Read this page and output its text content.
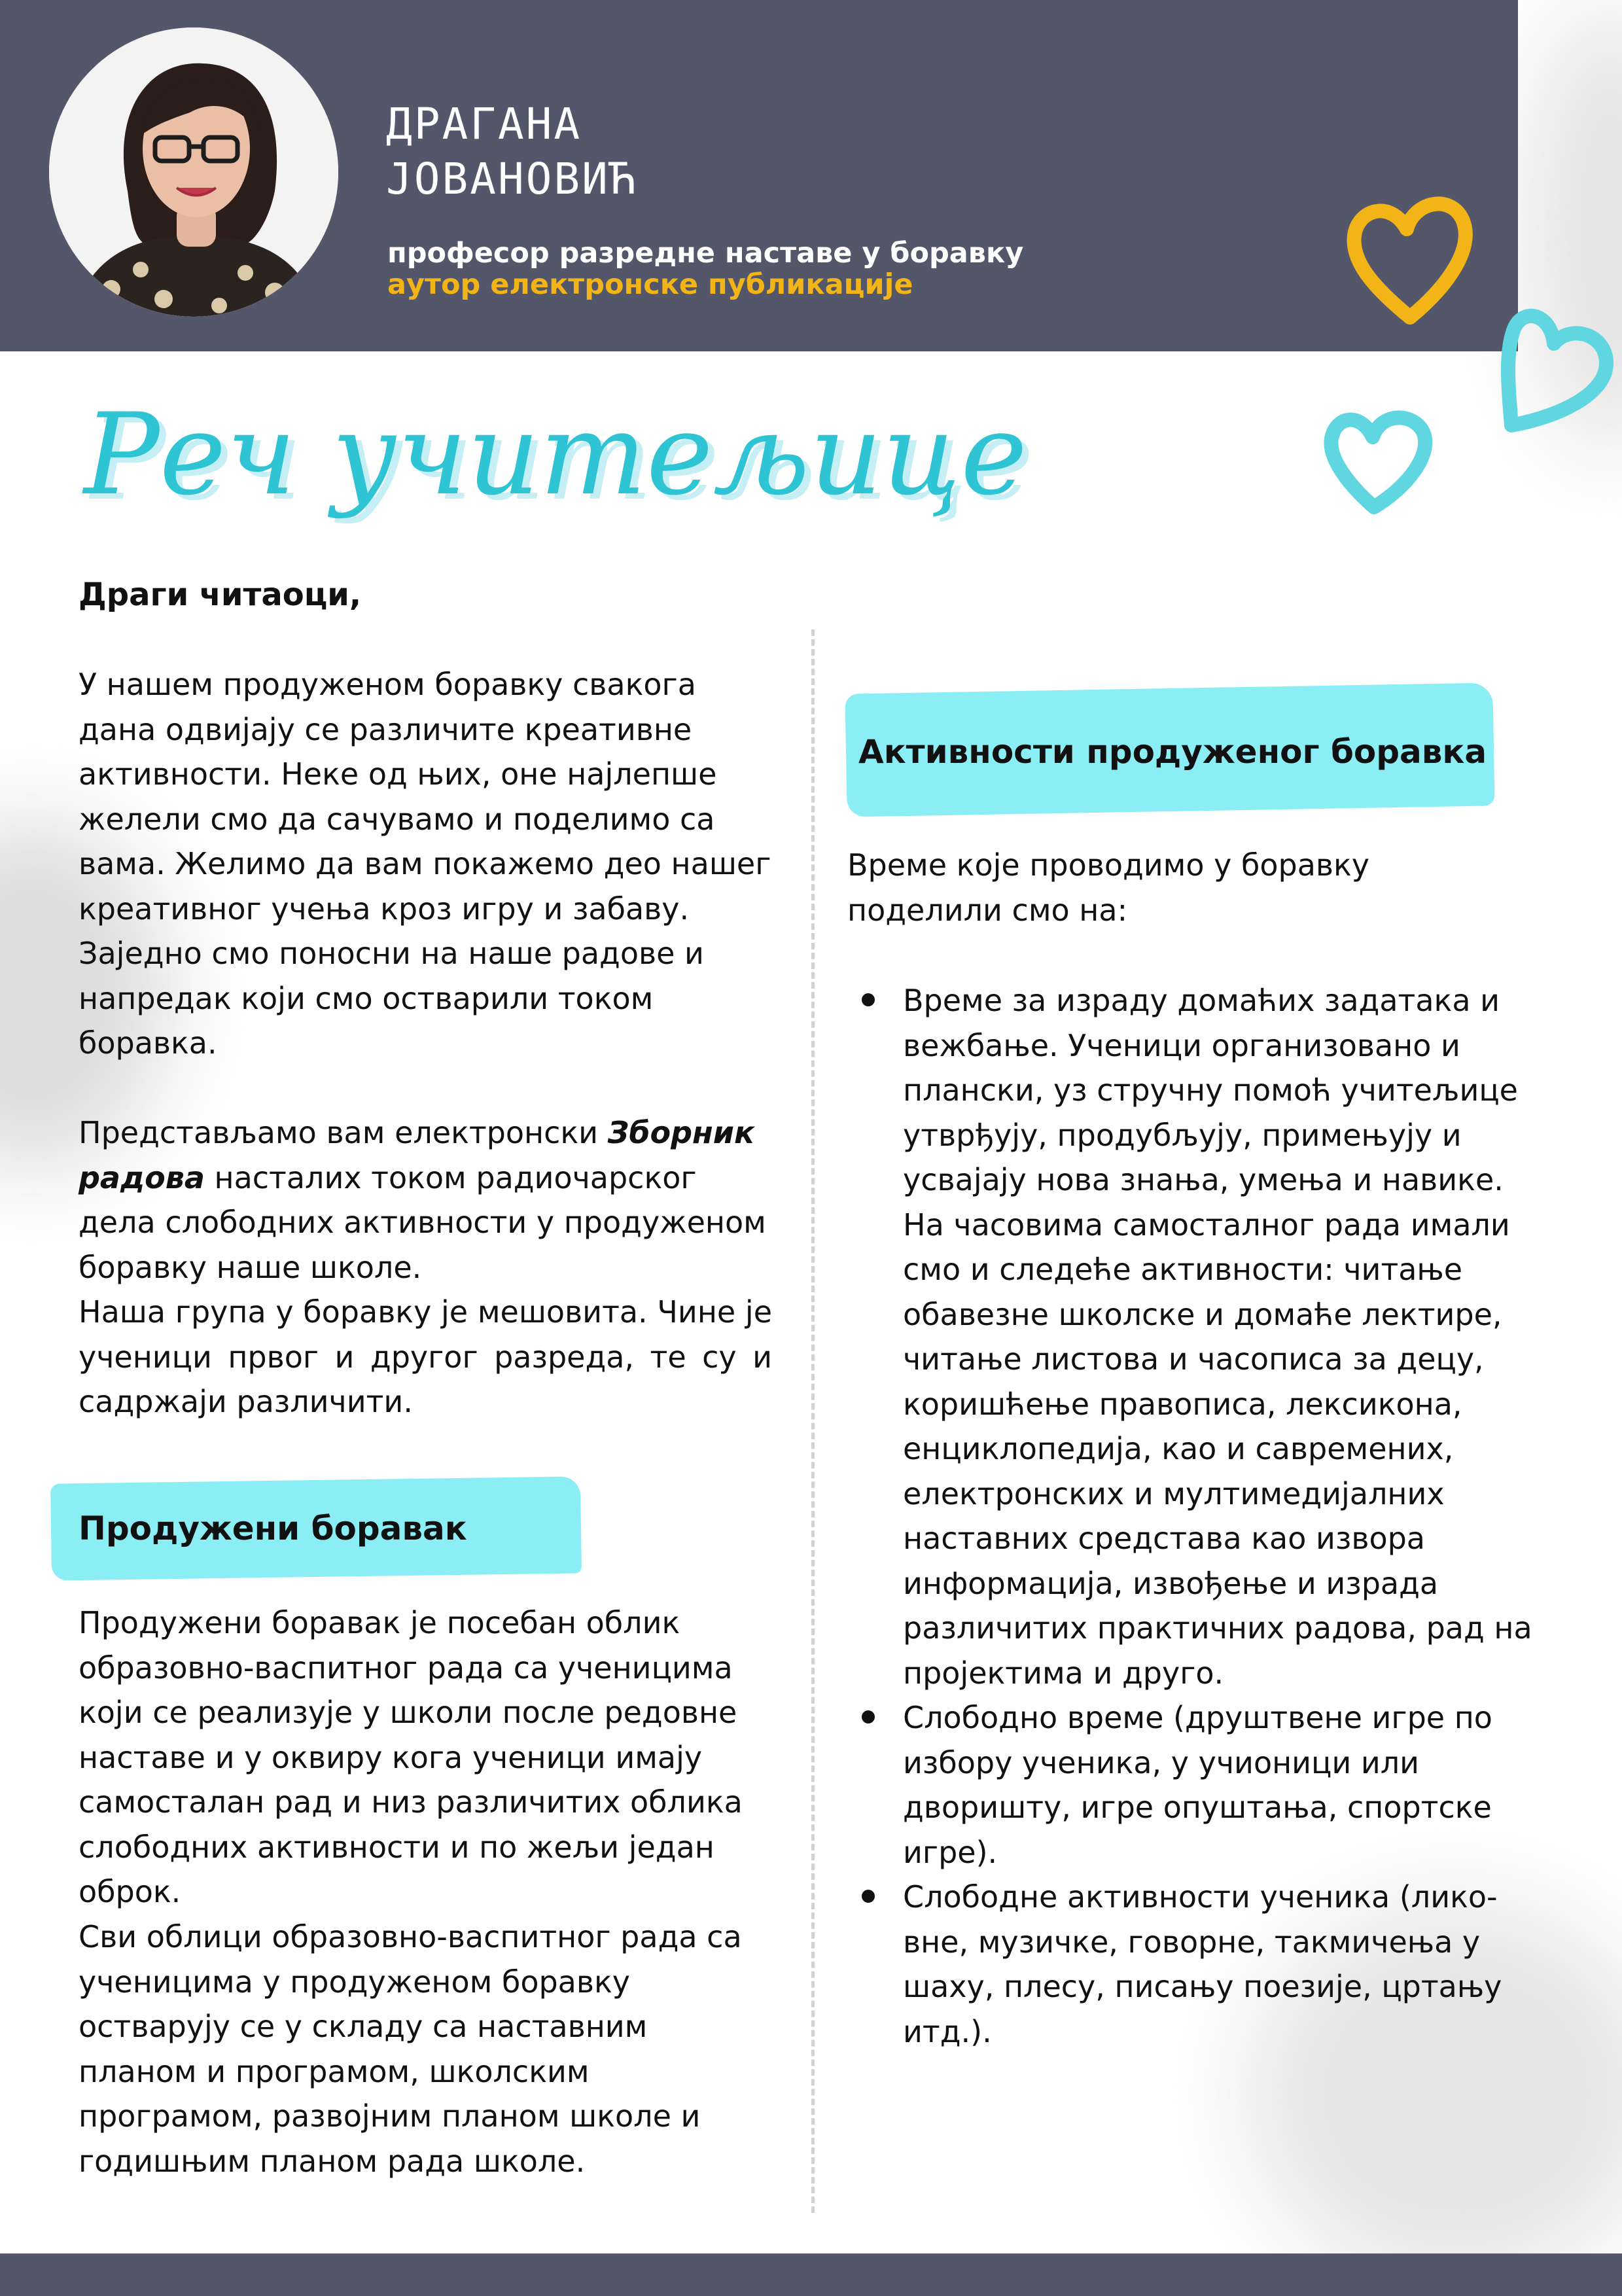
ДРАГАНА
ЈОВАНОВИЋ
професор разредне наставе у боравку
аутор електронске публикације
Реч учитељице
Драги читаоци,

У нашем продуженом боравку свакога дана одвијају се различите креативне активности. Неке од њих, оне најлепше желели смо да сачувамо и поделимо са вама. Желимо да вам покажемо део нашег креативног учења кроз игру и забаву. Заједно смо поносни на наше радове и напредак који смо остварили током боравка.

Представљамо вам електронски Зборник радова насталих током радиочарског дела слободних активности у продуженом боравку наше школе.

Наша група у боравку је мешовита. Чине је ученици првог и другог разреда, те су и садржаји различити.

Продужени боравак

Продужени боравак је посебан облик образовно-васпитног рада са ученицима који се реализује у школи после редовне наставе и у оквиру кога ученици имају самосталан рад и низ различитих облика слободних активности и по жељи један оброк.

Сви облици образовно-васпитног рада са ученицима у продуженом боравку остварују се у складу са наставним планом и програмом, школским програмом, развојним планом школе и годишњим планом рада школе.

Активности продуженог боравка

Време које проводимо у боравку поделили смо на:

Време за израду домаћих задатака и вежбање. Ученици организовано и плански, уз стручну помоћ учитељице утврђују, продубљују, примењују и усвајају нова знања, умења и навике. На часовима самосталног рада имали смо и следеће активности: читање обавезне школске и домаће лектире, читање листова и часописа за децу, коришћење правописа, лексикона, енциклопедија, као и савремених, електронских и мултимедијалних наставних средстава као извора информација, извођење и израда различитих практичних радова, рад на пројектима и друго.
Слободно време (друштвене игре по избору ученика, у учионици или дворишту, игре опуштања, спортске игре).
Слободне активности ученика (лико-вне, музичке, говорне, такмичења у шаху, плесу, писању поезије, цртању итд.).
